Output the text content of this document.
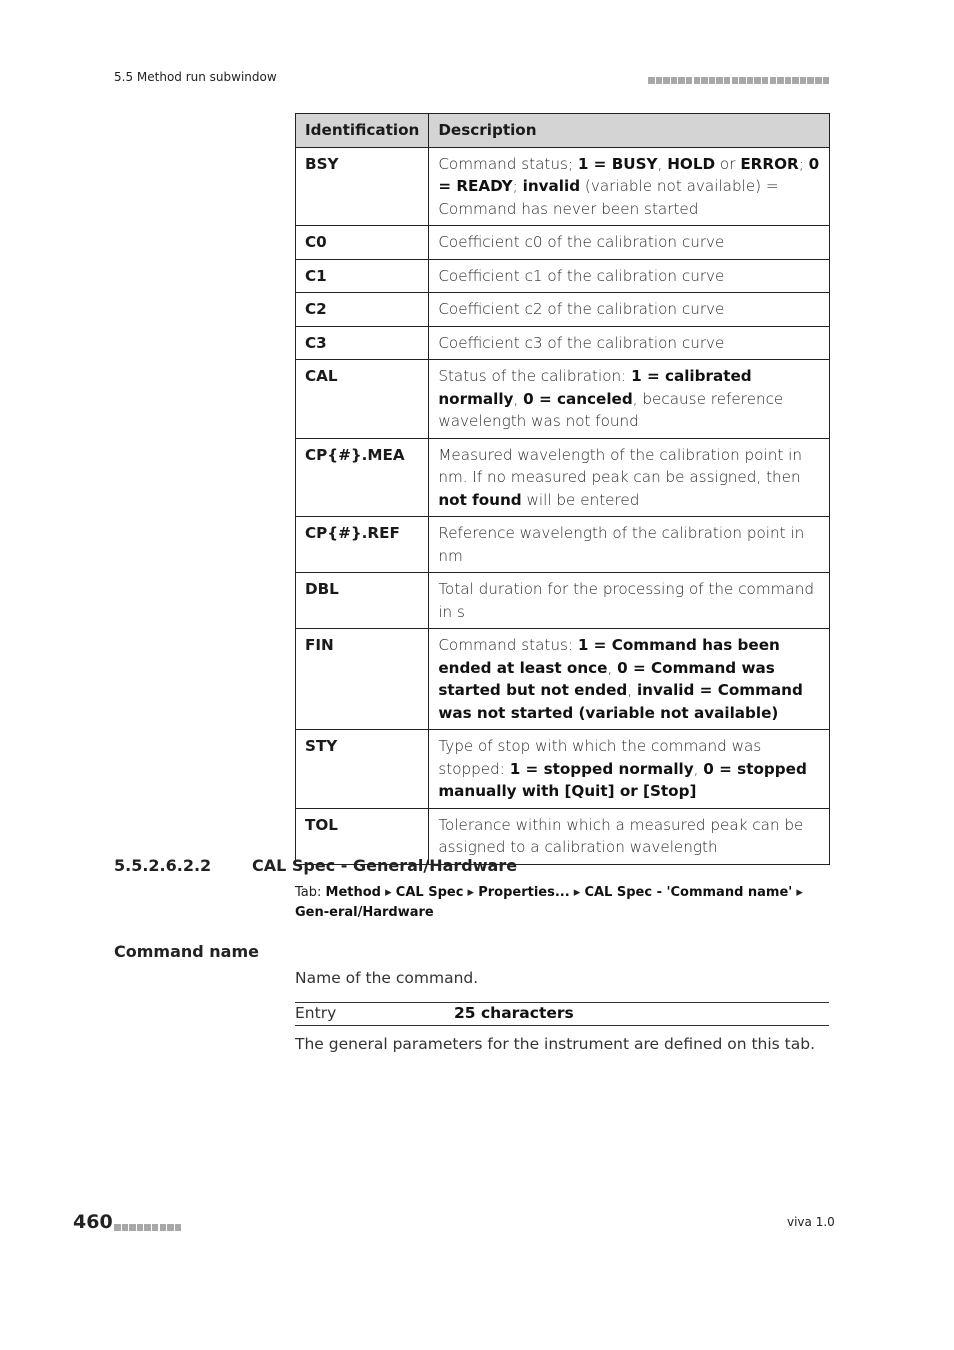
5.5 Method run subwindow
Identification	Description
BSY	Command status; 1 = BUSY, HOLD or ERROR; 0 = READY; invalid (variable not available) = Command has never been started
C0	Coefficient c0 of the calibration curve
C1	Coefficient c1 of the calibration curve
C2	Coefficient c2 of the calibration curve
C3	Coefficient c3 of the calibration curve
CAL	Status of the calibration: 1 = calibrated normally, 0 = canceled, because reference wavelength was not found
CP{#}.MEA	Measured wavelength of the calibration point in nm. If no measured peak can be assigned, then not found will be entered
CP{#}.REF	Reference wavelength of the calibration point in nm
DBL	Total duration for the processing of the command in s
FIN	Command status: 1 = Command has been ended at least once, 0 = Command was started but not ended, invalid = Command was not started (variable not available)
STY	Type of stop with which the command was stopped: 1 = stopped normally, 0 = stopped manually with [Quit] or [Stop]
TOL	Tolerance within which a measured peak can be assigned to a calibration wavelength
5.5.2.6.2.2	CAL Spec - General/Hardware
Tab: Method ▸ CAL Spec ▸ Properties... ▸ CAL Spec - 'Command name' ▸ Gen-eral/Hardware
Command name
Name of the command.
Entry	25 characters
The general parameters for the instrument are defined on this tab.
460	viva 1.0
